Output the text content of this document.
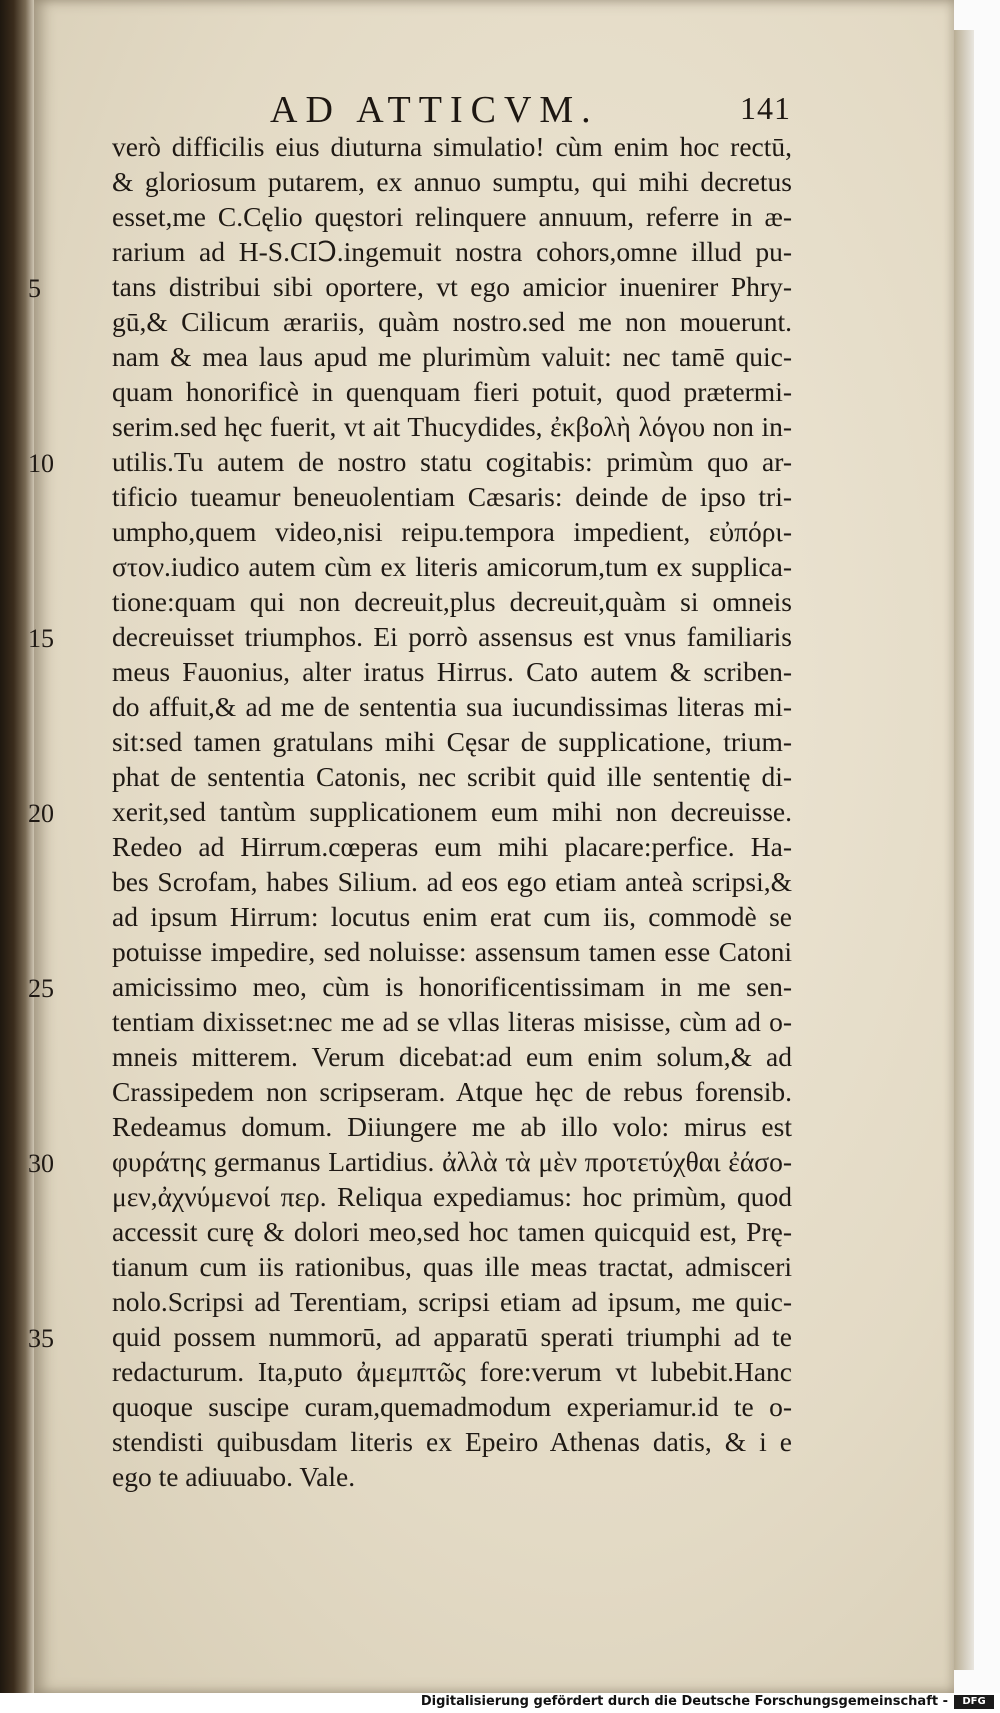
AD ATTICVM.	141
verò difficilis eius diuturna simulatio! cùm enim hoc rectū,
& gloriosum putarem, ex annuo sumptu, qui mihi decretus
esset,me C.Cęlio quęstori relinquere annuum, referre in æ-
rarium ad H-S.CIↃ.ingemuit nostra cohors,omne illud pu-
tans distribui sibi oportere, vt ego amicior inuenirer Phry-
gū,& Cilicum ærariis, quàm nostro.sed me non mouerunt.
nam & mea laus apud me plurimùm valuit: nec tamē quic-
quam honorificè in quenquam fieri potuit, quod prætermi-
serim.sed hęc fuerit, vt ait Thucydides, ἐκβολὴ λόγου non in-
utilis.Tu autem de nostro statu cogitabis: primùm quo ar-
tificio tueamur beneuolentiam Cæsaris: deinde de ipso tri-
umpho,quem video,nisi reipu.tempora impedient, εὐπόρι-
στον.iudico autem cùm ex literis amicorum,tum ex supplica-
tione:quam qui non decreuit,plus decreuit,quàm si omneis
decreuisset triumphos. Ei porrò assensus est vnus familiaris
meus Fauonius, alter iratus Hirrus. Cato autem & scriben-
do affuit,& ad me de sententia sua iucundissimas literas mi-
sit:sed tamen gratulans mihi Cęsar de supplicatione, trium-
phat de sententia Catonis, nec scribit quid ille sententię di-
xerit,sed tantùm supplicationem eum mihi non decreuisse.
Redeo ad Hirrum.cœperas eum mihi placare:perfice. Ha-
bes Scrofam, habes Silium. ad eos ego etiam anteà scripsi,&
ad ipsum Hirrum: locutus enim erat cum iis, commodè se
potuisse impedire, sed noluisse: assensum tamen esse Catoni
amicissimo meo, cùm is honorificentissimam in me sen-
tentiam dixisset:nec me ad se vllas literas misisse, cùm ad o-
mneis mitterem. Verum dicebat:ad eum enim solum,& ad
Crassipedem non scripseram. Atque hęc de rebus forensib.
Redeamus domum. Diiungere me ab illo volo: mirus est
φυράτης germanus Lartidius. ἀλλὰ τὰ μὲν προτετύχθαι ἐάσο-
μεν,ἀχνύμενοί περ. Reliqua expediamus: hoc primùm, quod
accessit curę & dolori meo,sed hoc tamen quicquid est, Prę-
tianum cum iis rationibus, quas ille meas tractat, admisceri
nolo.Scripsi ad Terentiam, scripsi etiam ad ipsum, me quic-
quid possem nummorū, ad apparatū sperati triumphi ad te
redacturum. Ita,puto ἀμεμπτῶς fore:verum vt lubebit.Hanc
quoque suscipe curam,quemadmodum experiamur.id te o-
stendisti quibusdam literis ex Epeiro Athenas datis, & i e
ego te adiuuabo. Vale.
5
10
15
20
25
30
35
Digitalisierung gefördert durch die Deutsche Forschungsgemeinschaft -	DFG
